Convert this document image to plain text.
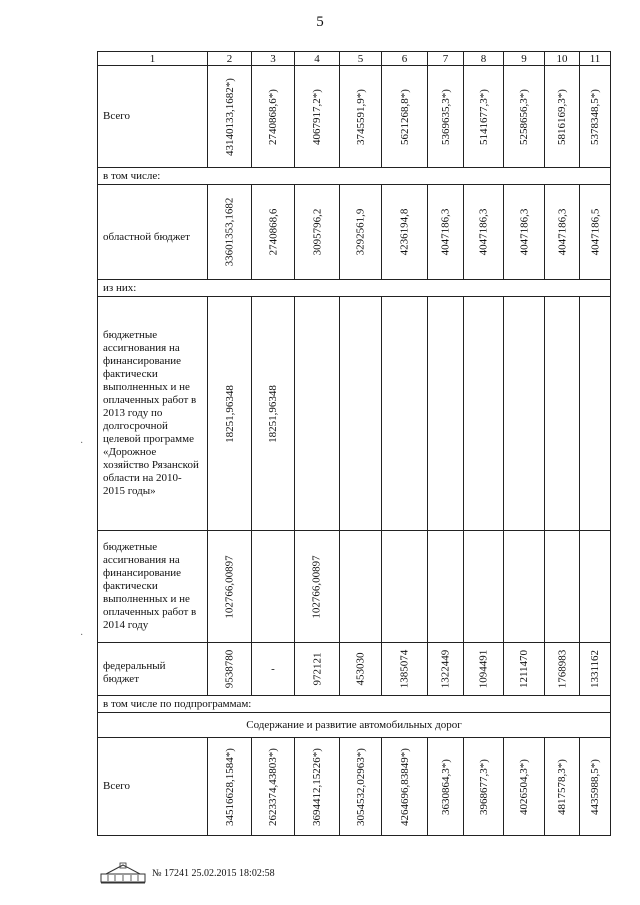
5
1	2	3	4	5	6	7	8	9	10	11
Всего	43140133,1682*)	2740868,6*)	4067917,2*)	3745591,9*)	5621268,8*)	5369635,3*)	5141677,3*)	5258656,3*)	5816169,3*)	5378348,5*)

в том числе:										
областной бюджет	33601353,1682	2740868,6	3095796,2	3292561,9	4236194,8	4047186,3	4047186,3	4047186,3	4047186,3	4047186,5

из них:										
бюджетные ассигнования на финансирование фактически выполненных и не оплаченных работ в 2013 году по долгосрочной целевой программе «Дорожное хозяйство Рязанской области на 2010-2015 годы»	18251,96348	18251,96348								

бюджетные ассигнования на финансирование фактически выполненных и не оплаченных работ в 2014 году	102766,00897		102766,00897							

федеральный бюджет	9538780	-	972121	453030	1385074	1322449	1094491	1211470	1768983	1331162

в том числе по подпрограммам:										
Содержание и развитие автомобильных дорог										
Всего	34516628,1584*)	2623374,43803*)	3694412,15226*)	3054532,02963*)	4264696,83849*)	3630864,3*)	3968677,3*)	4026504,3*)	4817578,3*)	4435988,5*)
·
·
№ 17241 25.02.2015 18:02:58
